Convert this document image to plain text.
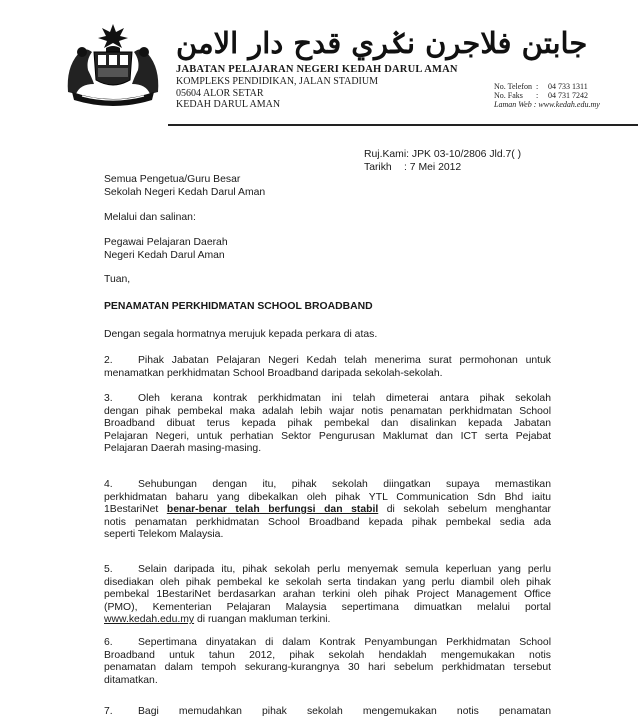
جابتن فلاجرن نݢري قدح دار الامن
JABATAN PELAJARAN NEGERI KEDAH DARUL AMAN
KOMPLEKS PENDIDIKAN, JALAN STADIUM
05604 ALOR SETAR
KEDAH DARUL AMAN
No. Telefon : 04 733 1311
No. Faks : 04 731 7242
Laman Web : www.kedah.edu.my
Ruj.Kami: JPK 03-10/2806 Jld.7( )
Tarikh : 7 Mei 2012
Semua Pengetua/Guru Besar
Sekolah Negeri Kedah Darul Aman
Melalui dan salinan:
Pegawai Pelajaran Daerah
Negeri Kedah Darul Aman
Tuan,
PENAMATAN PERKHIDMATAN SCHOOL BROADBAND
Dengan segala hormatnya merujuk kepada perkara di atas.
2. Pihak Jabatan Pelajaran Negeri Kedah telah menerima surat permohonan untuk
menamatkan perkhidmatan School Broadband daripada sekolah-sekolah.
3. Oleh kerana kontrak perkhidmatan ini telah dimeterai antara pihak sekolah
dengan pihak pembekal maka adalah lebih wajar notis penamatan perkhidmatan School
Broadband dibuat terus kepada pihak pembekal dan disalinkan kepada Jabatan
Pelajaran Negeri, untuk perhatian Sektor Pengurusan Maklumat dan ICT serta Pejabat
Pelajaran Daerah masing-masing.
4. Sehubungan dengan itu, pihak sekolah diingatkan supaya memastikan
perkhidmatan baharu yang dibekalkan oleh pihak YTL Communication Sdn Bhd iaitu
1BestariNet benar-benar telah berfungsi dan stabil di sekolah sebelum menghantar
notis penamatan perkhidmatan School Broadband kepada pihak pembekal sedia ada
seperti Telekom Malaysia.
5. Selain daripada itu, pihak sekolah perlu menyemak semula keperluan yang perlu
disediakan oleh pihak pembekal ke sekolah serta tindakan yang perlu diambil oleh pihak
pembekal 1BestariNet berdasarkan arahan terkini oleh pihak Project Management Office
(PMO), Kementerian Pelajaran Malaysia sepertimana dimuatkan melalui portal
www.kedah.edu.my di ruangan makluman terkini.
6. Sepertimana dinyatakan di dalam Kontrak Penyambungan Perkhidmatan School
Broadband untuk tahun 2012, pihak sekolah hendaklah mengemukakan notis
penamatan dalam tempoh sekurang-kurangnya 30 hari sebelum perkhidmatan tersebut
ditamatkan.
7. Bagi memudahkan pihak sekolah mengemukakan notis penamatan
